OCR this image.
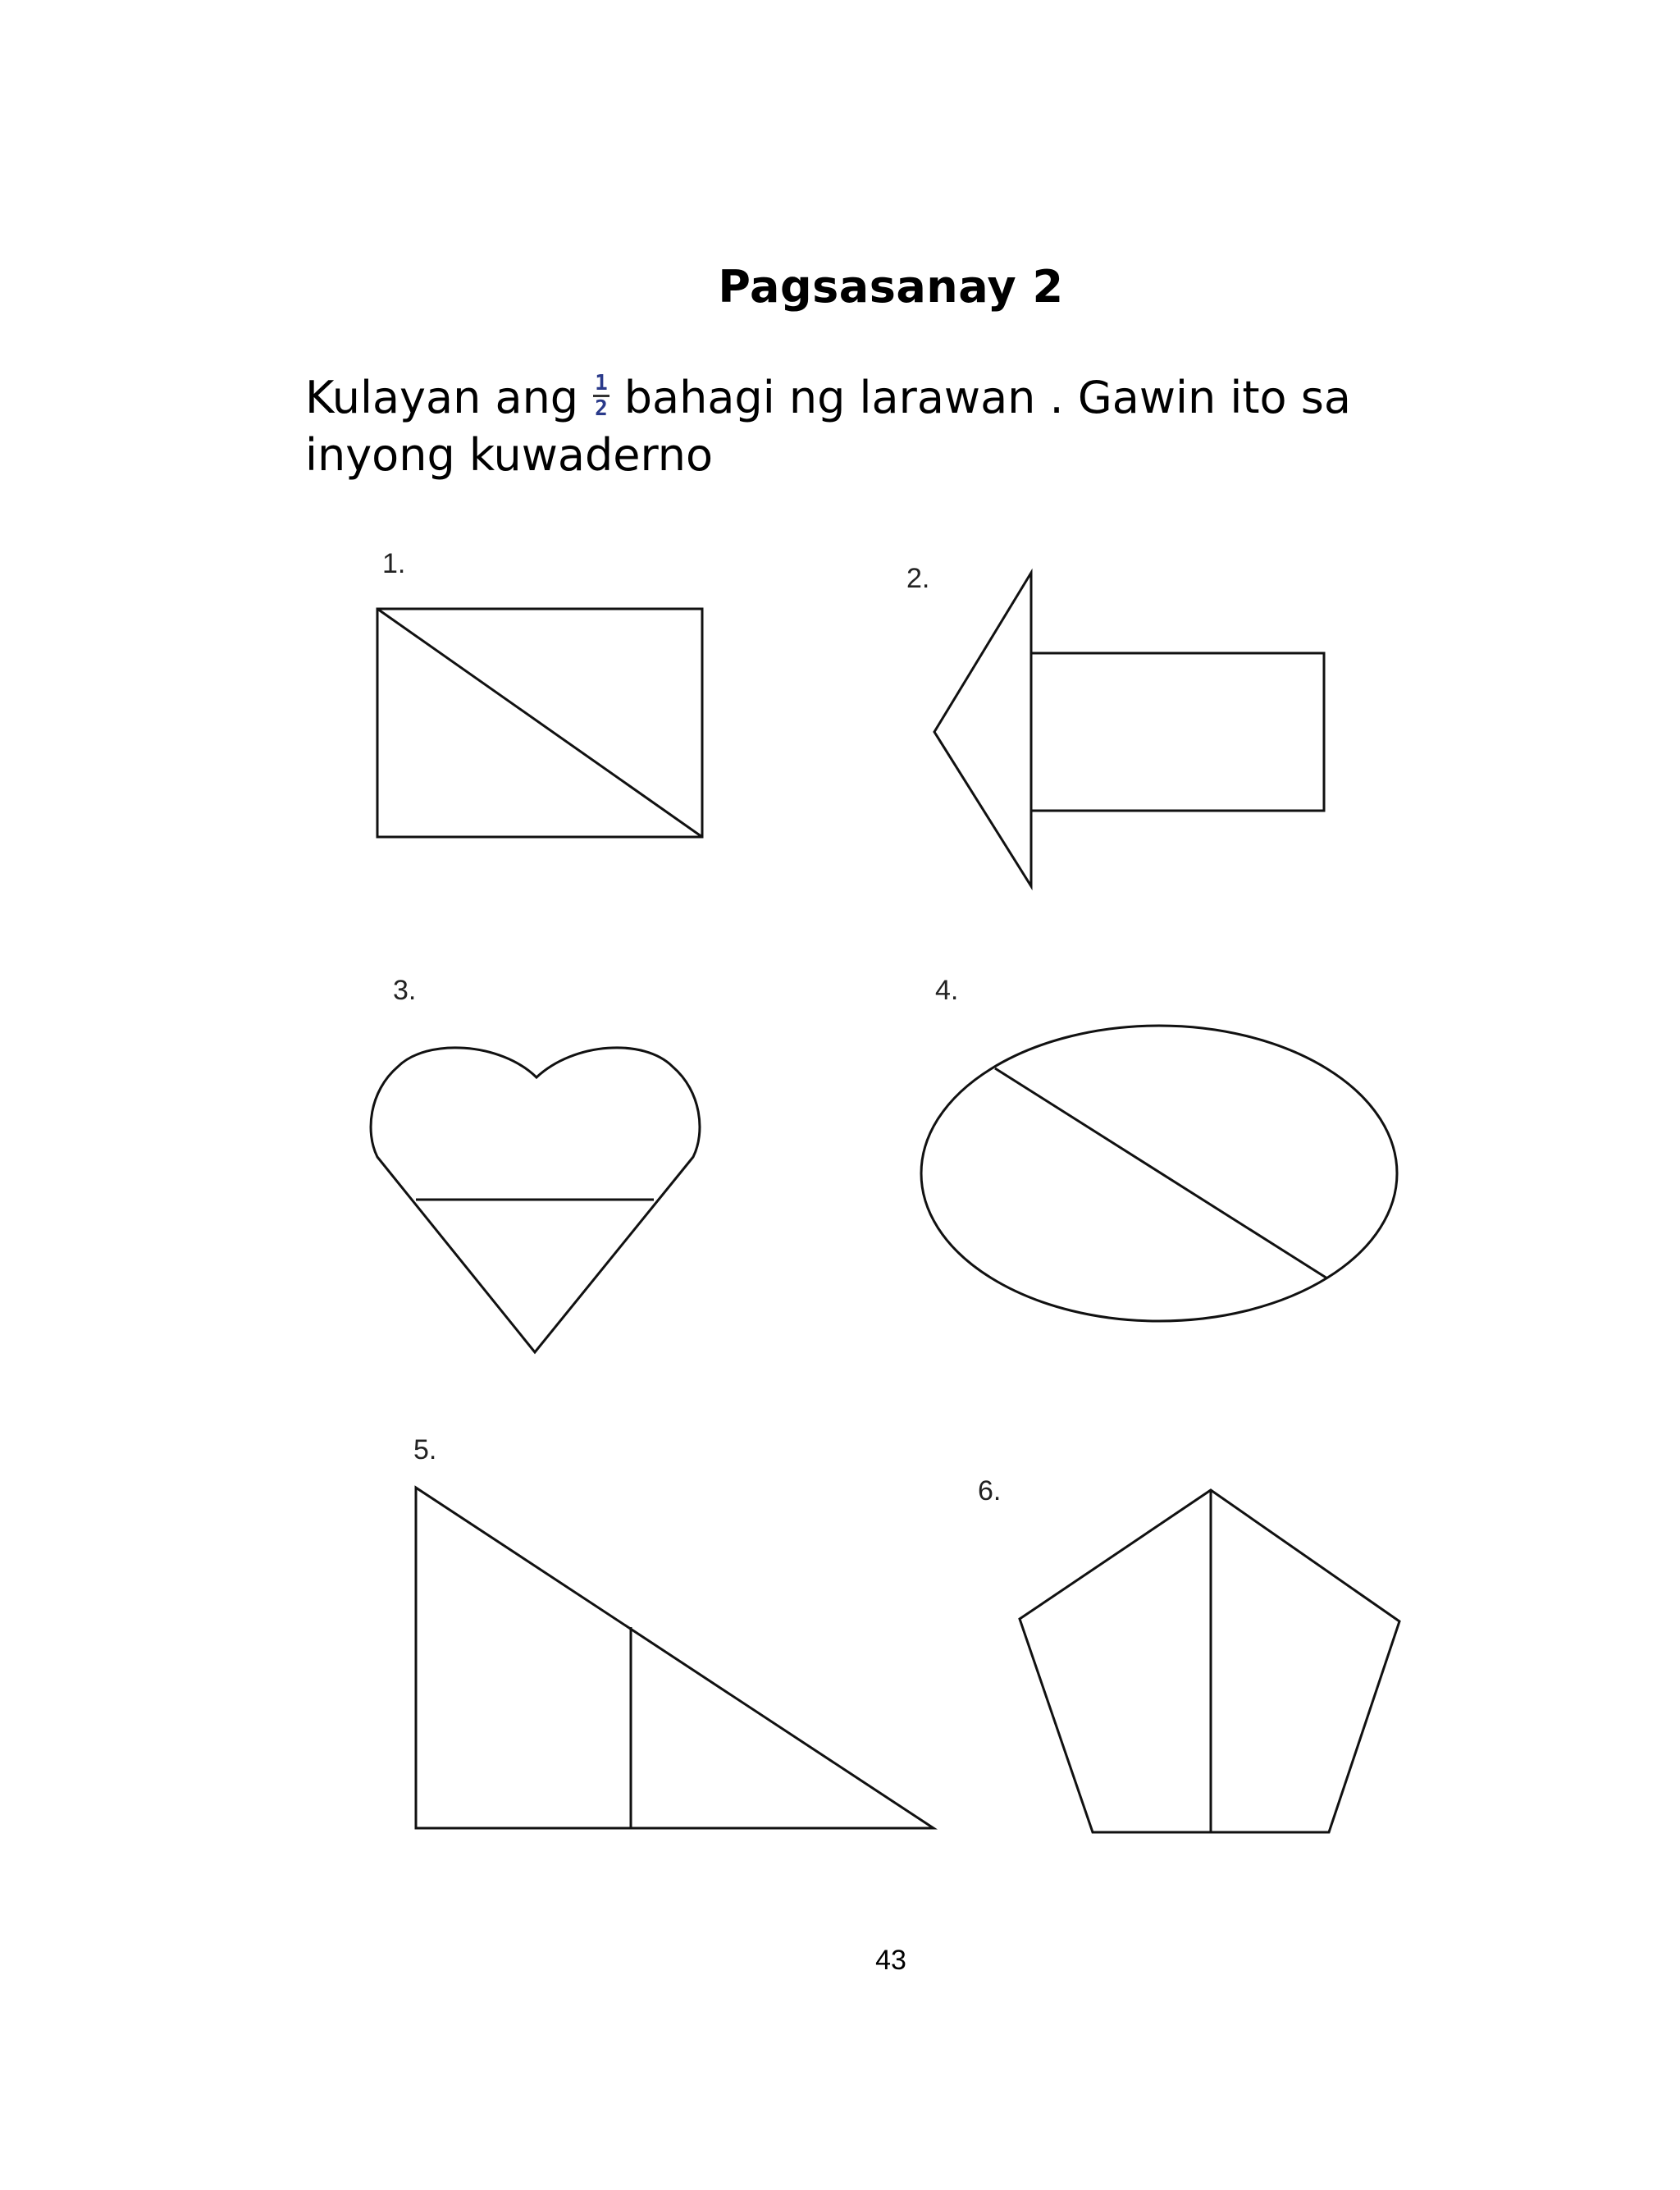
Pagsasanay 2
Kulayan ang $\frac{1}{2}$ bahagi ng larawan . Gawin ito sa
inyong kuwaderno
1.	2.
3.	4.
5.
6.
43
